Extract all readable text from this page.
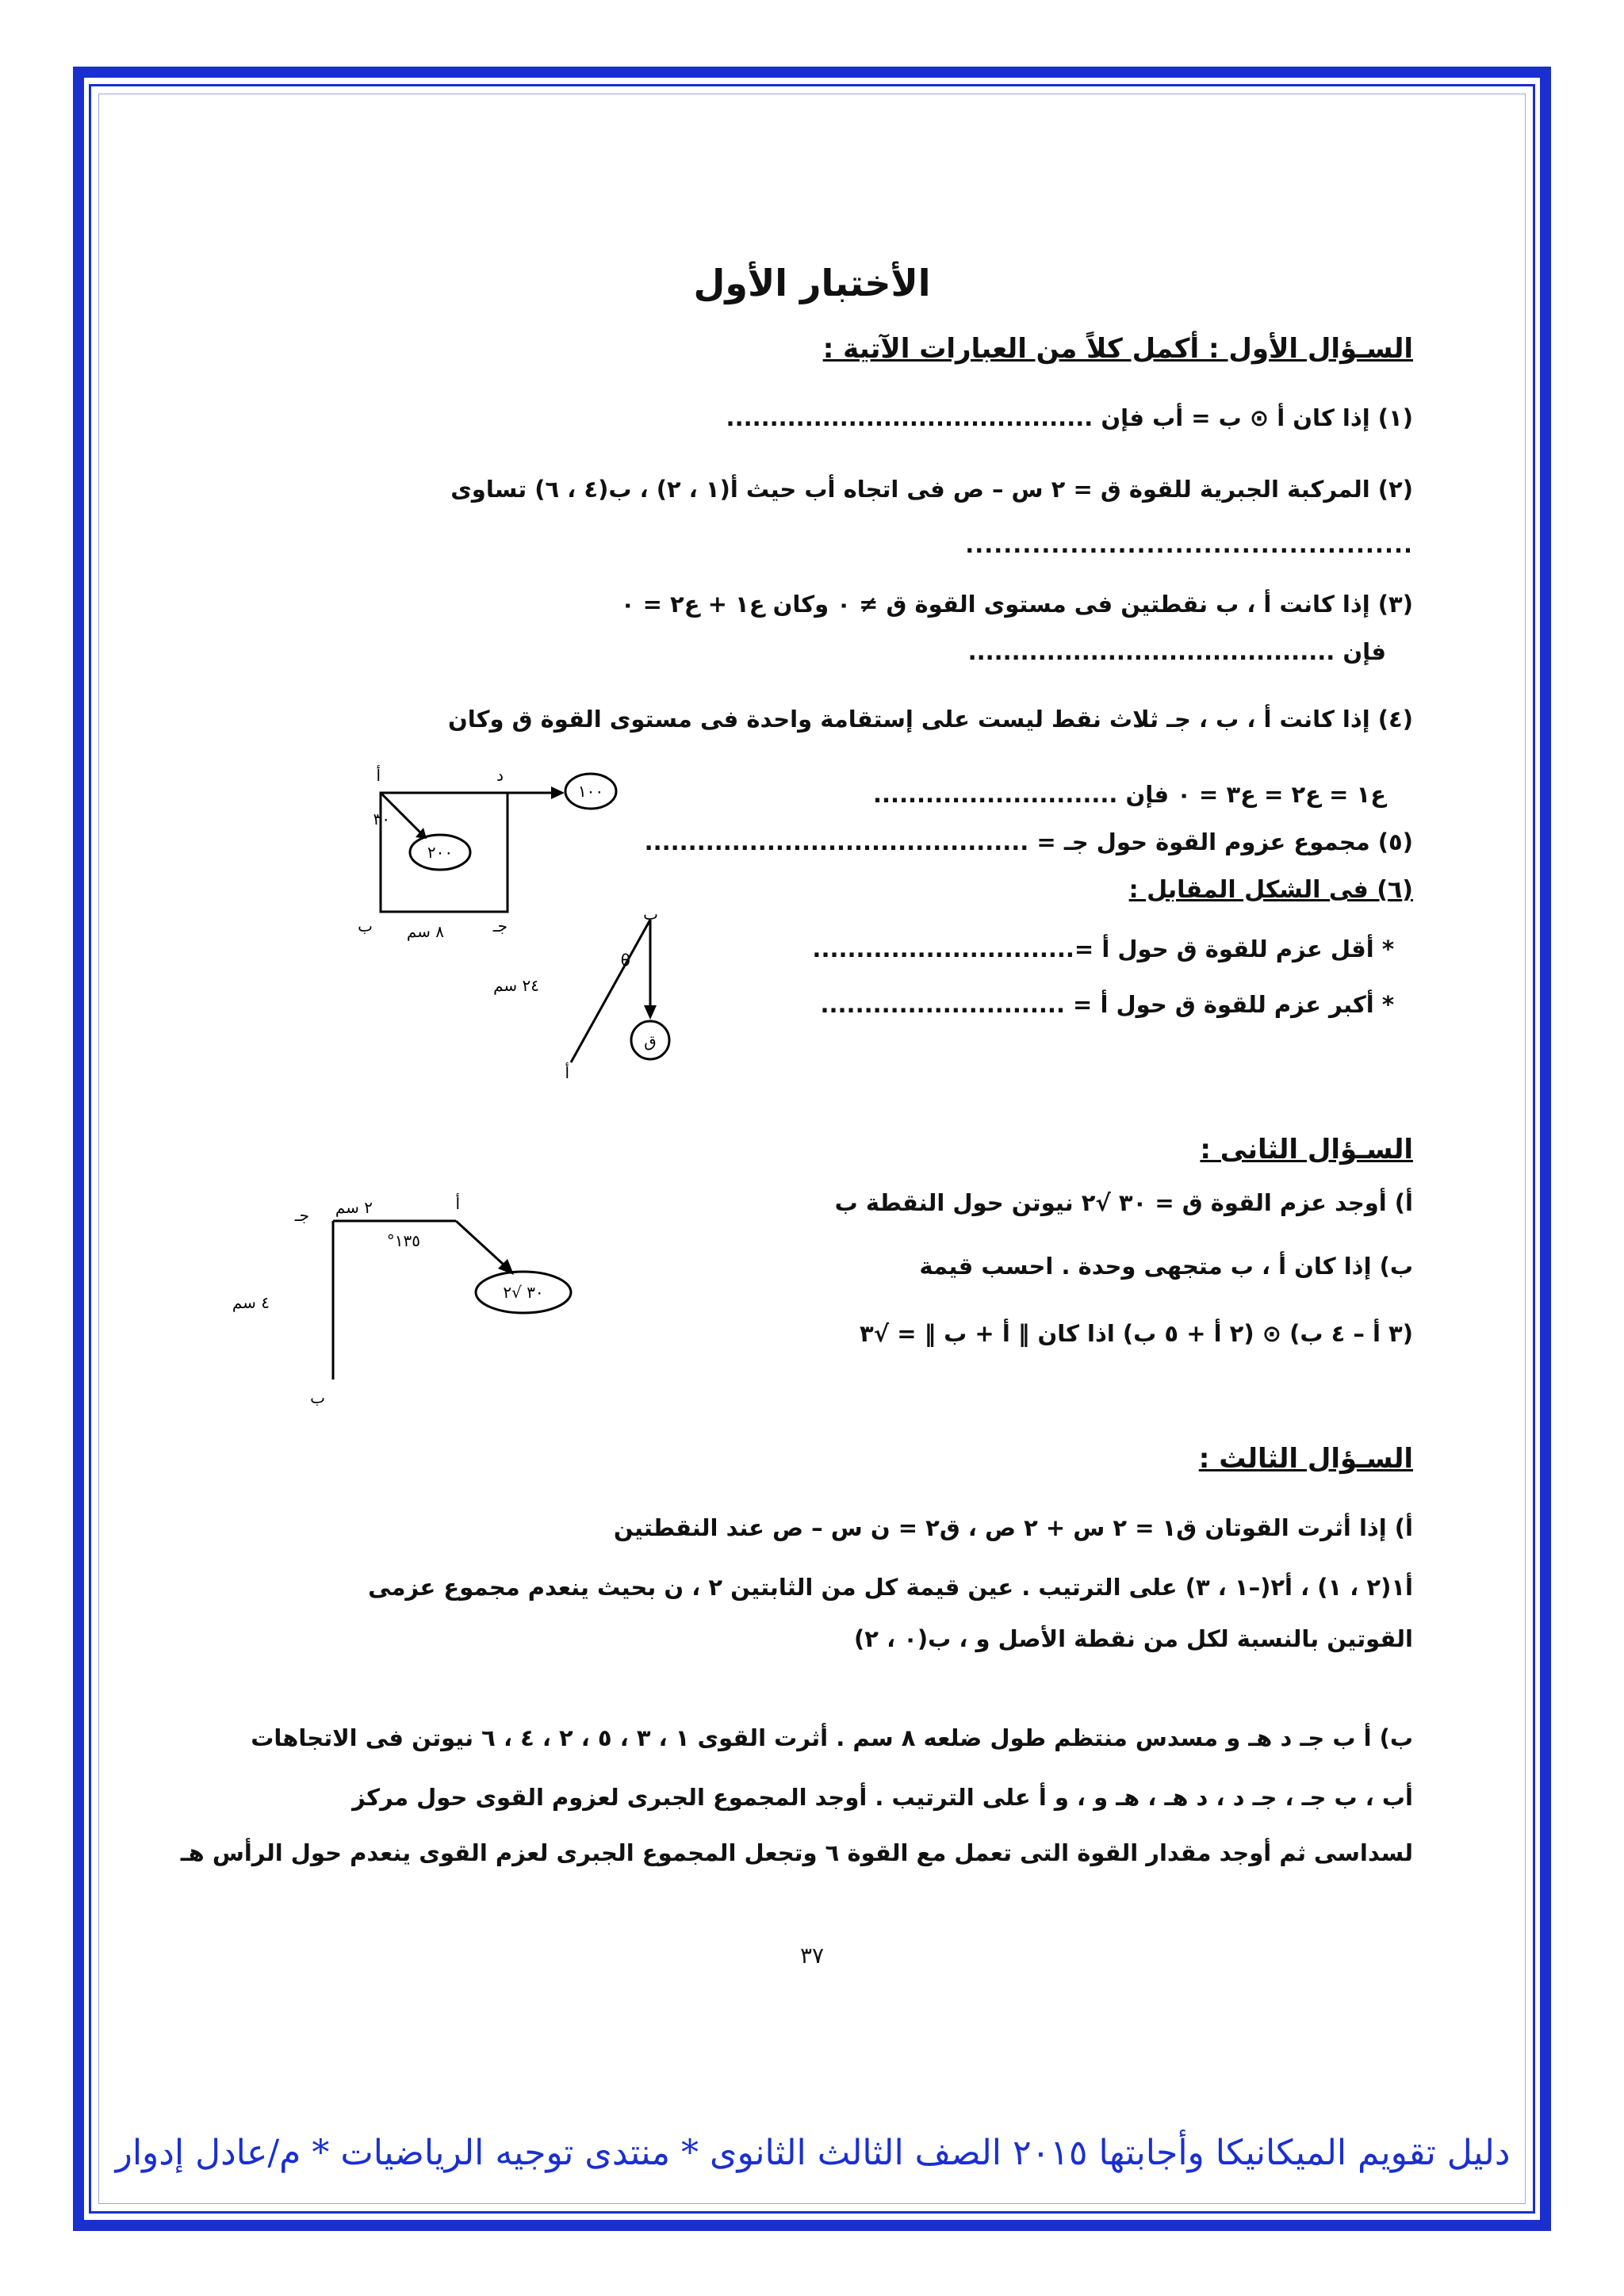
الأختبار الأول
السـؤال الأول : أكمل كلاً من العبارات الآتية :
(١) إذا كان أ ⊙ ب = أب فإن ..........................................
(٢) المركبة الجبرية للقوة ق = ٢ س – ص فى اتجاه أب حيث أ(١ ، ٢) ، ب(٤ ، ٦) تساوى
...............................................
(٣) إذا كانت أ ، ب نقطتين فى مستوى القوة ق ≠ ٠ وكان ع١ + ع٢ = ٠
فإن ..........................................
(٤) إذا كانت أ ، ب ، جـ ثلاث نقط ليست على إستقامة واحدة فى مستوى القوة ق وكان
ع١ = ع٢ = ع٣ = ٠ فإن ............................
(٥) مجموع عزوم القوة حول جـ = ............................................
(٦) فى الشكل المقابل :
* أقل عزم للقوة ق حول أ =..............................
* أكبر عزم للقوة ق حول أ = ............................
أ	د
ب	جـ
١٠٠
٢٠٠
٣٠
٨ سم
ب
أ
θ
٢٤ سم
ق
السـؤال الثانى :
أ) أوجد عزم القوة ق = ٣٠ √٢ نيوتن حول النقطة ب
ب) إذا كان أ ، ب متجهى وحدة . احسب قيمة
(٣ أ – ٤ ب) ⊙ (٢ أ + ٥ ب) اذا كان ‖ أ + ب ‖ = √٣
أ
جـ
ب
٢ سم
٤ سم
١٣٥°
٣٠ √٢
السـؤال الثالث :
أ) إذا أثرت القوتان ق١ = ٢ س + ٢ ص ، ق٢ = ن س – ص عند النقطتين
أ١(٢ ، ١) ، أ٢(–١ ، ٣) على الترتيب . عين قيمة كل من الثابتين ٢ ، ن بحيث ينعدم مجموع عزمى
القوتين بالنسبة لكل من نقطة الأصل و ، ب(٠ ، ٢)
ب) أ ب جـ د هـ و مسدس منتظم طول ضلعه ٨ سم . أثرت القوى ١ ، ٣ ، ٥ ، ٢ ، ٤ ، ٦ نيوتن فى الاتجاهات
أب ، ب جـ ، جـ د ، د هـ ، هـ و ، و أ على الترتيب . أوجد المجموع الجبرى لعزوم القوى حول مركز
لسداسى ثم أوجد مقدار القوة التى تعمل مع القوة ٦ وتجعل المجموع الجبرى لعزم القوى ينعدم حول الرأس هـ
٣٧
دليل تقويم الميكانيكا وأجابتها ٢٠١٥ الصف الثالث الثانوى * منتدى توجيه الرياضيات * م/عادل إدوار
